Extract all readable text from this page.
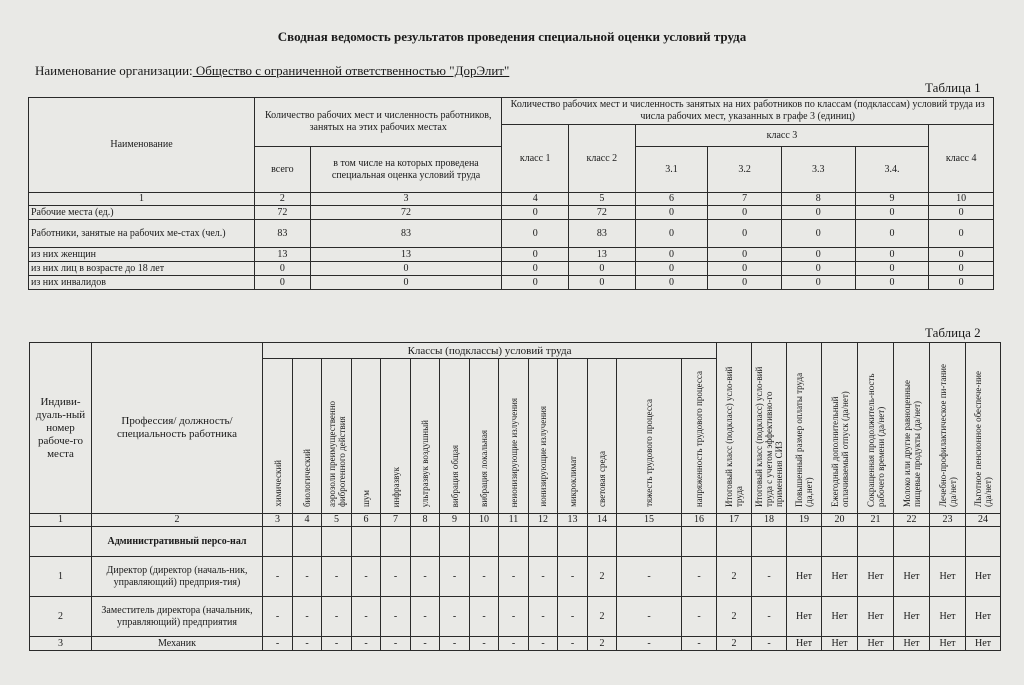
Сводная ведомость результатов проведения специальной оценки условий труда
Наименование организации: Общество с ограниченной ответственностью "ДорЭлит"
Таблица 1
Наименование	Количество рабочих мест и численность работников, занятых на этих рабочих местах		Количество рабочих мест и численность занятых на них работников по классам (подклассам) условий труда из числа рабочих мест, указанных в графе 3 (единиц)						
			класс 1	класс 2	класс 3				класс 4
	всего	в том числе на которых проведена специальная оценка условий труда			3.1	3.2	3.3	3.4.	
1	2	3	4	5	6	7	8	9	10
Рабочие места (ед.)	72	72	0	72	0	0	0	0	0
Работники, занятые на рабочих ме-стах (чел.)	83	83	0	83	0	0	0	0	0
из них женщин	13	13	0	13	0	0	0	0	0
из них лиц в возрасте до 18 лет	0	0	0	0	0	0	0	0	0
из них инвалидов	0	0	0	0	0	0	0	0	0
Таблица 2
Индиви-дуаль-ный номер рабоче-го места	Профессия/ должность/ специальность работника	Классы (подклассы) условий труда														Итоговый класс (подкласс) усло-вий труда	Итоговый класс (подкласс) усло-вий труда с учетом эффективно-го применения СИЗ	Повышенный размер оплаты труда (да,нет)	Ежегодный дополнительный оплачиваемый отпуск (да/нет)	Сокращенная продолжитель-ность рабочего времени (да/нет)	Молоко или другие равноценные пищевые продукты (да/нет)	Лечебно-профилактическое пи-тание (да/нет)	Льготное пенсионное обеспече-ние (да/нет)
		химический	биологический	аэрозоли преимущественно фиброгенного действия	шум	инфразвук	ультразвук воздушный	вибрация общая	вибрация локальная	неионизирующие излучения	ионизирующие излучения	микроклимат	световая среда	тяжесть трудового процесса	напряженность трудового процесса								
1	2	3	4	5	6	7	8	9	10	11	12	13	14	15	16	17	18	19	20	21	22	23	24
	Административный персо-нал																						
1	Директор (директор (началь-ник, управляющий) предприя-тия)	-	-	-	-	-	-	-	-	-	-	-	2	-	-	2	-	Нет	Нет	Нет	Нет	Нет	Нет
2	Заместитель директора (начальник, управляющий) предприятия	-	-	-	-	-	-	-	-	-	-	-	2	-	-	2	-	Нет	Нет	Нет	Нет	Нет	Нет
3	Механик	-	-	-	-	-	-	-	-	-	-	-	2	-	-	2	-	Нет	Нет	Нет	Нет	Нет	Нет
